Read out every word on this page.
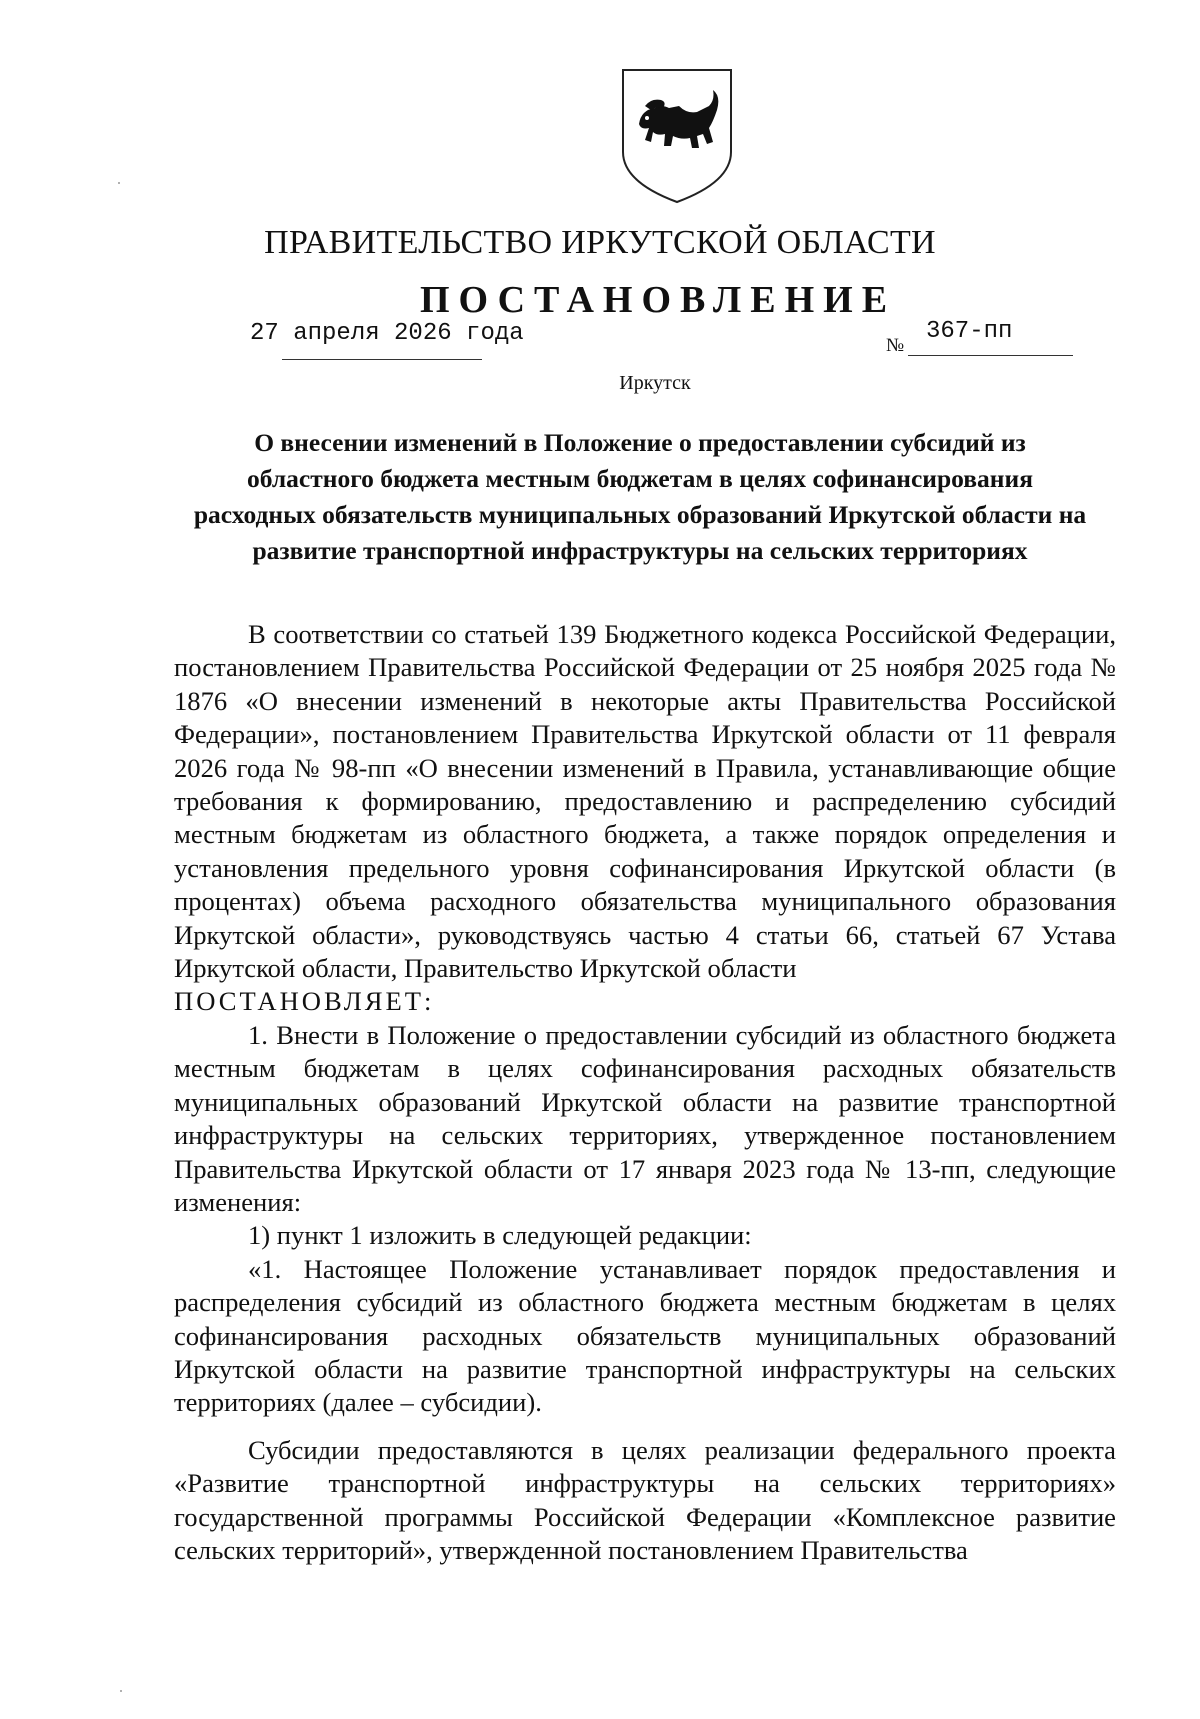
ПРАВИТЕЛЬСТВО ИРКУТСКОЙ ОБЛАСТИ
ПОСТАНОВЛЕНИЕ
27 апреля 2026 года	№
367-пп
Иркутск
О внесении изменений в Положение о предоставлении субсидий из областного бюджета местным бюджетам в целях софинансирования расходных обязательств муниципальных образований Иркутской области на развитие транспортной инфраструктуры на сельских территориях

В соответствии со статьей 139 Бюджетного кодекса Российской Федерации, постановлением Правительства Российской Федерации от 25 ноября 2025 года № 1876 «О внесении изменений в некоторые акты Правительства Российской Федерации», постановлением Правительства Иркутской области от 11 февраля 2026 года № 98-пп «О внесении изменений в Правила, устанавливающие общие требования к формированию, предоставлению и распределению субсидий местным бюджетам из областного бюджета, а также порядок определения и установления предельного уровня софинансирования Иркутской области (в процентах) объема расходного обязательства муниципального образования Иркутской области», руководствуясь частью 4 статьи 66, статьей 67 Устава Иркутской области, Правительство Иркутской области

ПОСТАНОВЛЯЕТ:

1. Внести в Положение о предоставлении субсидий из областного бюджета местным бюджетам в целях софинансирования расходных обязательств муниципальных образований Иркутской области на развитие транспортной инфраструктуры на сельских территориях, утвержденное постановлением Правительства Иркутской области от 17 января 2023 года № 13-пп, следующие изменения:

1) пункт 1 изложить в следующей редакции:

«1. Настоящее Положение устанавливает порядок предоставления и распределения субсидий из областного бюджета местным бюджетам в целях софинансирования расходных обязательств муниципальных образований Иркутской области на развитие транспортной инфраструктуры на сельских территориях (далее – субсидии).

Субсидии предоставляются в целях реализации федерального проекта «Развитие транспортной инфраструктуры на сельских территориях» государственной программы Российской Федерации «Комплексное развитие сельских территорий», утвержденной постановлением Правительства
